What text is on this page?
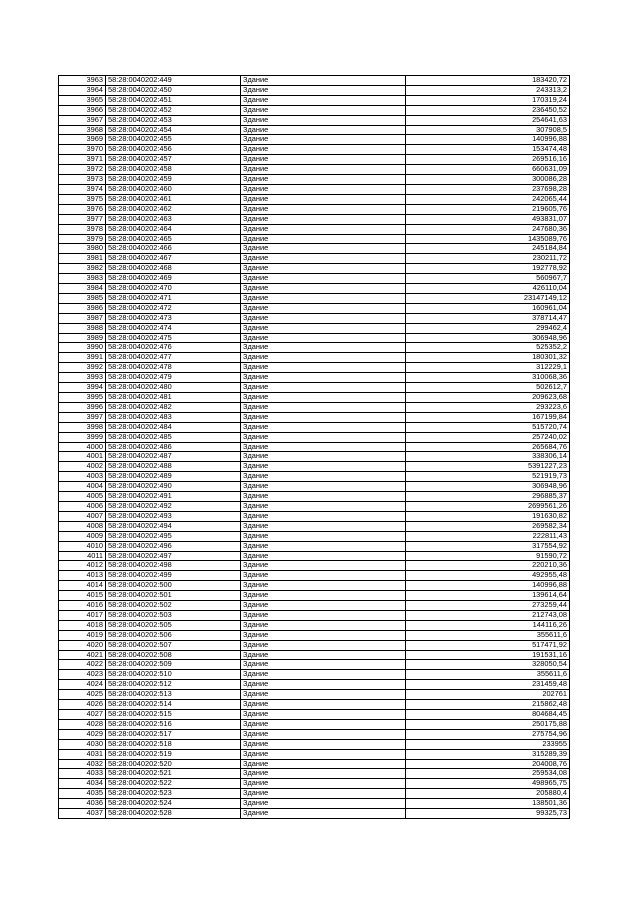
3963	58:28:0040202:449	Здание	183420,72
3964	58:28:0040202:450	Здание	243313,2
3965	58:28:0040202:451	Здание	170319,24
3966	58:28:0040202:452	Здание	236450,52
3967	58:28:0040202:453	Здание	254641,63
3968	58:28:0040202:454	Здание	307908,5
3969	58:28:0040202:455	Здание	140996,88
3970	58:28:0040202:456	Здание	153474,48
3971	58:28:0040202:457	Здание	269516,16
3972	58:28:0040202:458	Здание	660631,09
3973	58:28:0040202:459	Здание	300086,28
3974	58:28:0040202:460	Здание	237698,28
3975	58:28:0040202:461	Здание	242065,44
3976	58:28:0040202:462	Здание	219605,76
3977	58:28:0040202:463	Здание	493831,07
3978	58:28:0040202:464	Здание	247680,36
3979	58:28:0040202:465	Здание	1435089,76
3980	58:28:0040202:466	Здание	245184,84
3981	58:28:0040202:467	Здание	230211,72
3982	58:28:0040202:468	Здание	192778,92
3983	58:28:0040202:469	Здание	560967,7
3984	58:28:0040202:470	Здание	426110,04
3985	58:28:0040202:471	Здание	23147149,12
3986	58:28:0040202:472	Здание	160961,04
3987	58:28:0040202:473	Здание	378714,47
3988	58:28:0040202:474	Здание	299462,4
3989	58:28:0040202:475	Здание	306948,96
3990	58:28:0040202:476	Здание	525352,2
3991	58:28:0040202:477	Здание	180301,32
3992	58:28:0040202:478	Здание	312229,1
3993	58:28:0040202:479	Здание	310068,36
3994	58:28:0040202:480	Здание	502612,7
3995	58:28:0040202:481	Здание	209623,68
3996	58:28:0040202:482	Здание	293223,6
3997	58:28:0040202:483	Здание	167199,84
3998	58:28:0040202:484	Здание	515720,74
3999	58:28:0040202:485	Здание	257240,02
4000	58:28:0040202:486	Здание	265684,76
4001	58:28:0040202:487	Здание	338306,14
4002	58:28:0040202:488	Здание	5391227,23
4003	58:28:0040202:489	Здание	521919,73
4004	58:28:0040202:490	Здание	306948,96
4005	58:28:0040202:491	Здание	296885,37
4006	58:28:0040202:492	Здание	2699561,26
4007	58:28:0040202:493	Здание	191630,82
4008	58:28:0040202:494	Здание	269582,34
4009	58:28:0040202:495	Здание	222811,43
4010	58:28:0040202:496	Здание	317554,92
4011	58:28:0040202:497	Здание	91590,72
4012	58:28:0040202:498	Здание	220210,36
4013	58:28:0040202:499	Здание	492955,48
4014	58:28:0040202:500	Здание	140996,88
4015	58:28:0040202:501	Здание	139614,64
4016	58:28:0040202:502	Здание	273259,44
4017	58:28:0040202:503	Здание	212743,08
4018	58:28:0040202:505	Здание	144116,26
4019	58:28:0040202:506	Здание	355611,6
4020	58:28:0040202:507	Здание	517471,92
4021	58:28:0040202:508	Здание	191531,16
4022	58:28:0040202:509	Здание	328050,54
4023	58:28:0040202:510	Здание	355611,6
4024	58:28:0040202:512	Здание	231459,48
4025	58:28:0040202:513	Здание	202761
4026	58:28:0040202:514	Здание	215862,48
4027	58:28:0040202:515	Здание	804684,45
4028	58:28:0040202:516	Здание	250175,88
4029	58:28:0040202:517	Здание	275754,96
4030	58:28:0040202:518	Здание	233955
4031	58:28:0040202:519	Здание	315289,39
4032	58:28:0040202:520	Здание	204008,76
4033	58:28:0040202:521	Здание	259534,08
4034	58:28:0040202:522	Здание	498965,75
4035	58:28:0040202:523	Здание	205880,4
4036	58:28:0040202:524	Здание	138501,36
4037	58:28:0040202:528	Здание	99325,73
